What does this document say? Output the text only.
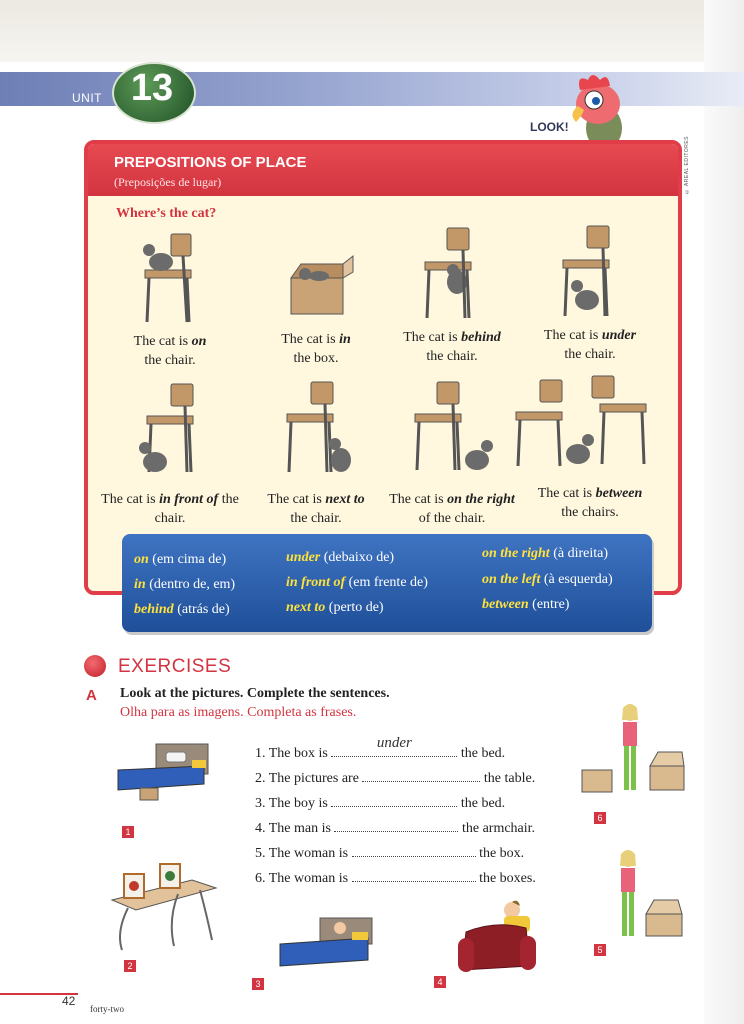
UNIT 13
LOOK!
© AREAL EDITORES
PREPOSITIONS OF PLACE
(Preposições de lugar)
Where’s the cat?
The cat is on
the chair.
The cat is in
the box.
The cat is behind
the chair.
The cat is under
the chair.
The cat is in front of the chair.
The cat is next to
the chair.
The cat is on the right of the chair.
The cat is between
the chairs.
on (em cima de)
in (dentro de, em)
behind (atrás de)
under (debaixo de)
in front of (em frente de)
next to (perto de)
on the right (à direita)
on the left (à esquerda)
between (entre)
EXERCISES
A Look at the pictures. Complete the sentences.
Olha para as imagens. Completa as frases.
1. The box is
under
the bed.
2. The pictures are	the table.
3. The boy is	the bed.
4. The man is	the armchair.
5. The woman is	the box.
6. The woman is	the boxes.
1
2
3	4
6
5
42
forty-two
